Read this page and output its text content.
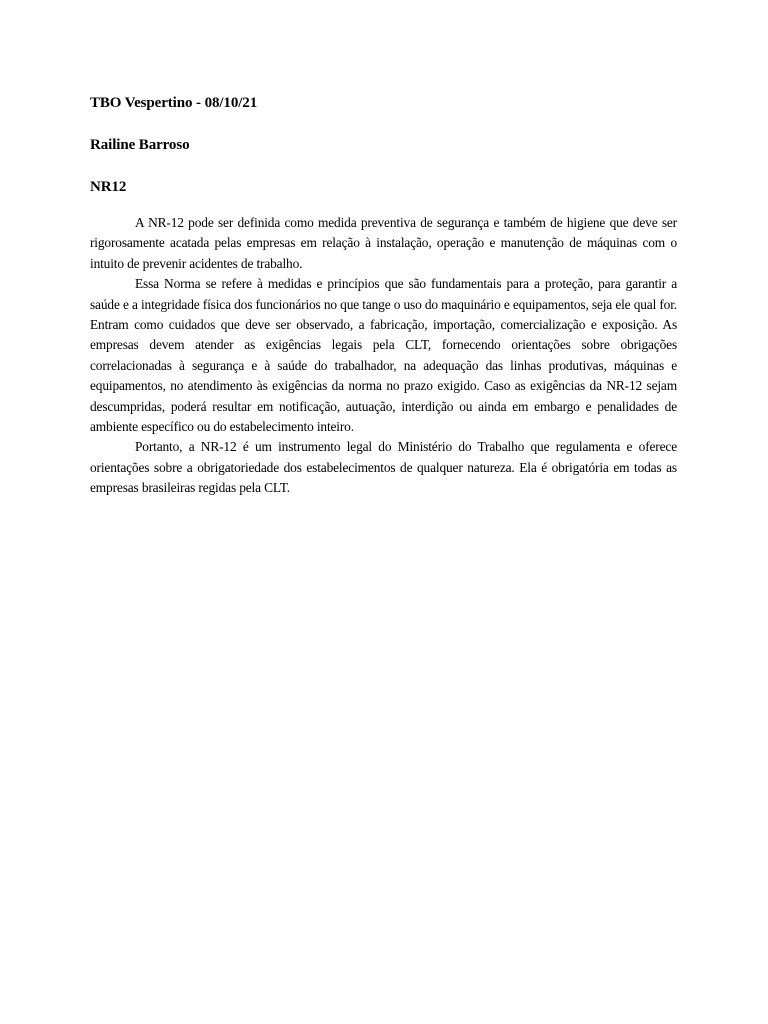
TBO Vespertino - 08/10/21
Railine Barroso
NR12

A NR-12 pode ser definida como medida preventiva de segurança e também de higiene que deve ser rigorosamente acatada pelas empresas em relação à instalação, operação e manutenção de máquinas com o intuito de prevenir acidentes de trabalho.

Essa Norma se refere à medidas e princípios que são fundamentais para a proteção, para garantir a saúde e a integridade física dos funcionários no que tange o uso do maquinário e equipamentos, seja ele qual for. Entram como cuidados que deve ser observado, a fabricação, importação, comercialização e exposição. As empresas devem atender as exigências legais pela CLT, fornecendo orientações sobre obrigações correlacionadas à segurança e à saúde do trabalhador, na adequação das linhas produtivas, máquinas e equipamentos, no atendimento às exigências da norma no prazo exigido. Caso as exigências da NR-12 sejam descumpridas, poderá resultar em notificação, autuação, interdição ou ainda em embargo e penalidades de ambiente específico ou do estabelecimento inteiro.

Portanto, a NR-12 é um instrumento legal do Ministério do Trabalho que regulamenta e oferece orientações sobre a obrigatoriedade dos estabelecimentos de qualquer natureza. Ela é obrigatória em todas as empresas brasileiras regidas pela CLT.
